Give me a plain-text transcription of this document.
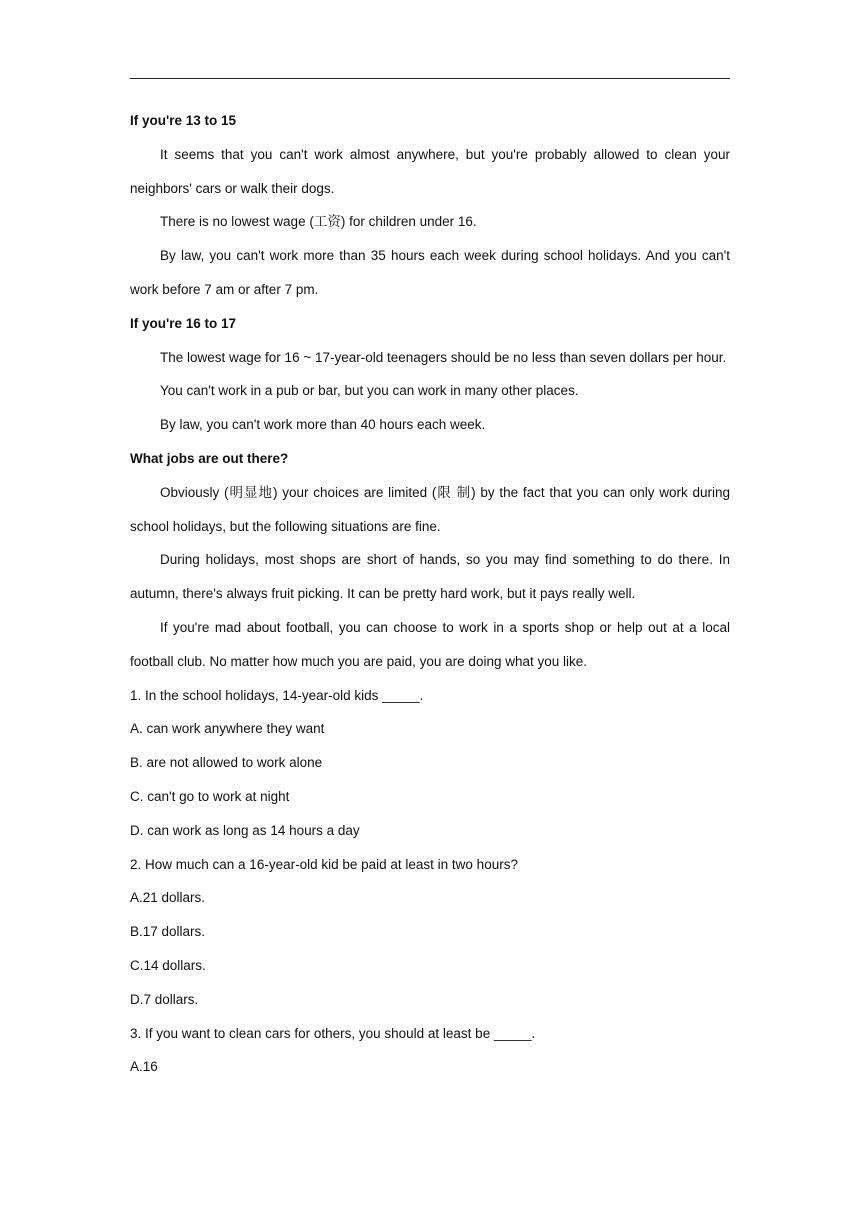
If you're 13 to 15

It seems that you can't work almost anywhere, but you're probably allowed to clean your neighbors' cars or walk their dogs.

There is no lowest wage (工资) for children under 16.

By law, you can't work more than 35 hours each week during school holidays. And you can't work before 7 am or after 7 pm.

If you're 16 to 17

The lowest wage for 16 ~ 17-year-old teenagers should be no less than seven dollars per hour.

You can't work in a pub or bar, but you can work in many other places.

By law, you can't work more than 40 hours each week.

What jobs are out there?

Obviously (明显地) your choices are limited (限 制) by the fact that you can only work during school holidays, but the following situations are fine.

During holidays, most shops are short of hands, so you may find something to do there. In autumn, there's always fruit picking. It can be pretty hard work, but it pays really well.

If you're mad about football, you can choose to work in a sports shop or help out at a local football club. No matter how much you are paid, you are doing what you like.

1. In the school holidays, 14-year-old kids _____.

A. can work anywhere they want

B. are not allowed to work alone

C. can't go to work at night

D. can work as long as 14 hours a day

2. How much can a 16-year-old kid be paid at least in two hours?

A.21 dollars.

B.17 dollars.

C.14 dollars.

D.7 dollars.

3. If you want to clean cars for others, you should at least be _____.

A.16
